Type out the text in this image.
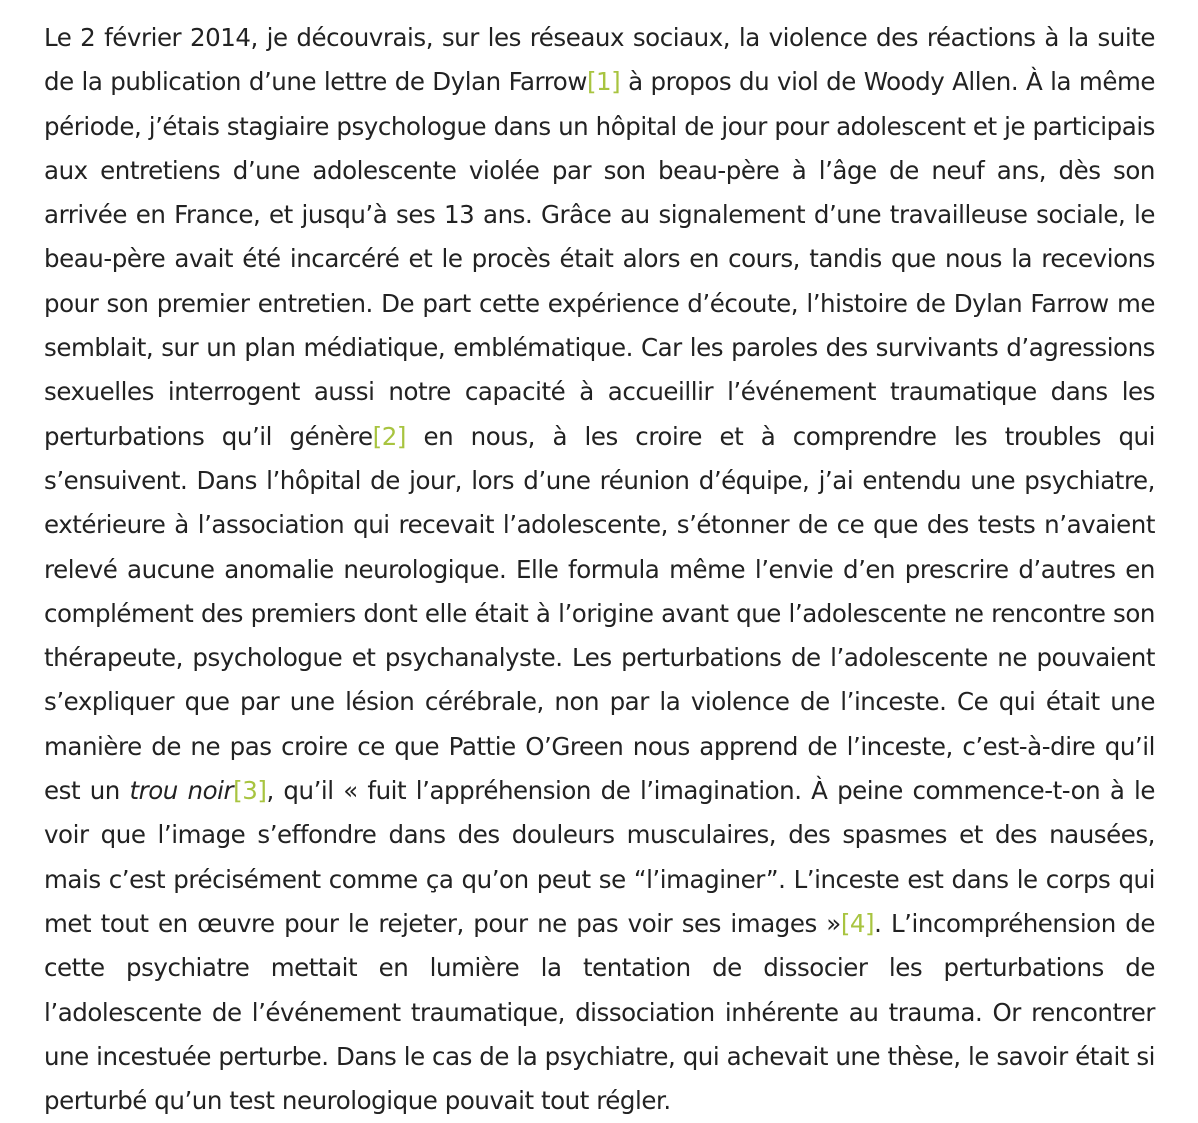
Le 2 février 2014, je découvrais, sur les réseaux sociaux, la violence des réactions à la suite de la publication d’une lettre de Dylan Farrow[1] à propos du viol de Woody Allen. À la même période, j’étais stagiaire psychologue dans un hôpital de jour pour adolescent et je participais aux entretiens d’une adolescente violée par son beau-père à l’âge de neuf ans, dès son arrivée en France, et jusqu’à ses 13 ans. Grâce au signalement d’une travailleuse sociale, le beau-père avait été incarcéré et le procès était alors en cours, tandis que nous la recevions pour son premier entretien. De part cette expérience d’écoute, l’histoire de Dylan Farrow me semblait, sur un plan médiatique, emblématique. Car les paroles des survivants d’agressions sexuelles interrogent aussi notre capacité à accueillir l’événement traumatique dans les perturbations qu’il génère[2] en nous, à les croire et à comprendre les troubles qui s’ensuivent. Dans l’hôpital de jour, lors d’une réunion d’équipe, j’ai entendu une psychiatre, extérieure à l’association qui recevait l’adolescente, s’étonner de ce que des tests n’avaient relevé aucune anomalie neurologique. Elle formula même l’envie d’en prescrire d’autres en complément des premiers dont elle était à l’origine avant que l’adolescente ne rencontre son thérapeute, psychologue et psychanalyste. Les perturbations de l’adolescente ne pouvaient s’expliquer que par une lésion cérébrale, non par la violence de l’inceste. Ce qui était une manière de ne pas croire ce que Pattie O’Green nous apprend de l’inceste, c’est-à-dire qu’il est un trou noir[3], qu’il « fuit l’appréhension de l’imagination. À peine commence-t-on à le voir que l’image s’effondre dans des douleurs musculaires, des spasmes et des nausées, mais c’est précisément comme ça qu’on peut se “l’imaginer”. L’inceste est dans le corps qui met tout en œuvre pour le rejeter, pour ne pas voir ses images »[4]. L’incompréhension de cette psychiatre mettait en lumière la tentation de dissocier les perturbations de l’adolescente de l’événement traumatique, dissociation inhérente au trauma. Or rencontrer une incestuée perturbe. Dans le cas de la psychiatre, qui achevait une thèse, le savoir était si perturbé qu’un test neurologique pouvait tout régler.
